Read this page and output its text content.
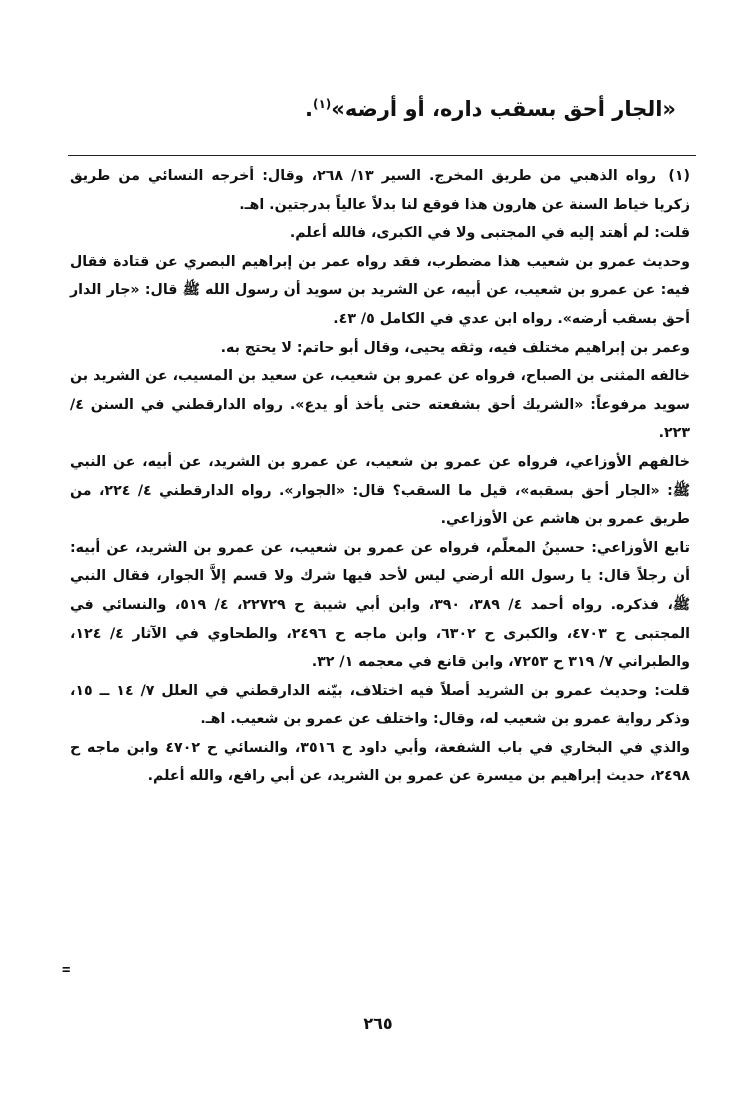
«الجار أحق بسقب داره، أو أرضه»$^{(١)}$.

(١)رواه الذهبي من طريق المخرج. السير ١٣/ ٢٦٨، وقال: أخرجه النسائي من طريق زكريا خياط السنة عن هارون هذا فوقع لنا بدلاً عالياً بدرجتين. اهـ.

قلت: لم أهتد إليه في المجتبى ولا في الكبرى، فالله أعلم.

وحديث عمرو بن شعيب هذا مضطرب، فقد رواه عمر بن إبراهيم البصري عن قتادة فقال فيه: عن عمرو بن شعيب، عن أبيه، عن الشريد بن سويد أن رسول الله ﷺ قال: «جار الدار أحق بسقب أرضه». رواه ابن عدي في الكامل ٥/ ٤٣.

وعمر بن إبراهيم مختلف فيه، وثقه يحيى، وقال أبو حاتم: لا يحتج به.

خالفه المثنى بن الصباح، فرواه عن عمرو بن شعيب، عن سعيد بن المسيب، عن الشريد بن سويد مرفوعاً: «الشريك أحق بشفعته حتى يأخذ أو يدع». رواه الدارقطني في السنن ٤/ ٢٢٣.

خالفهم الأوزاعي، فرواه عن عمرو بن شعيب، عن عمرو بن الشريد، عن أبيه، عن النبي ﷺ: «الجار أحق بسقبه»، قيل ما السقب؟ قال: «الجوار». رواه الدارقطني ٤/ ٢٢٤، من طريق عمرو بن هاشم عن الأوزاعي.

تابع الأوزاعي: حسينُ المعلّم، فرواه عن عمرو بن شعيب، عن عمرو بن الشريد، عن أبيه: أن رجلاً قال: يا رسول الله أرضي ليس لأحد فيها شرك ولا قسم إلاَّ الجوار، فقال النبي ﷺ، فذكره. رواه أحمد ٤/ ٣٨٩، ٣٩٠، وابن أبي شيبة ح ٢٢٧٢٩، ٤/ ٥١٩، والنسائي في المجتبى ح ٤٧٠٣، والكبرى ح ٦٣٠٢، وابن ماجه ح ٢٤٩٦، والطحاوي في الآثار ٤/ ١٢٤، والطبراني ٧/ ٣١٩ ح ٧٢٥٣، وابن قانع في معجمه ١/ ٣٢.

قلت: وحديث عمرو بن الشريد أصلاً فيه اختلاف، بيّنه الدارقطني في العلل ٧/ ١٤ ــ ١٥، وذكر رواية عمرو بن شعيب له، وقال: واختلف عن عمرو بن شعيب. اهـ.

والذي في البخاري في باب الشفعة، وأبي داود ح ٣٥١٦، والنسائي ح ٤٧٠٢ وابن ماجه ح ٢٤٩٨، حديث إبراهيم بن ميسرة عن عمرو بن الشريد، عن أبي رافع، والله أعلم.

=
٢٦٥
